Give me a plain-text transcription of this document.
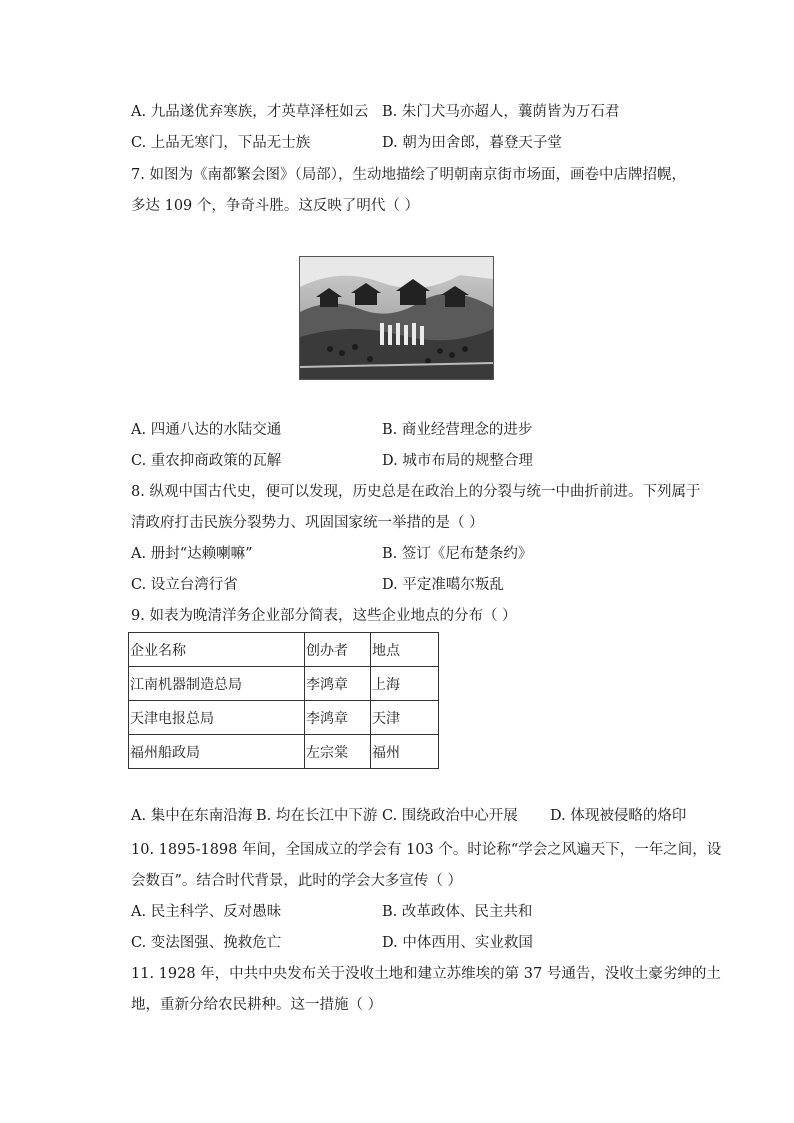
A. 九品遂优弃寒族，才英草泽枉如云 B. 朱门犬马亦超人，蘘荫皆为万石君
C. 上品无寒门，下品无士族	D. 朝为田舍郎，暮登天子堂
7. 如图为《南都繁会图》（局部），生动地描绘了明朝南京街市场面，画卷中店牌招幌，
多达 109 个，争奇斗胜。这反映了明代（ ）
A. 四通八达的水陆交通	B. 商业经营理念的进步
C. 重农抑商政策的瓦解	D. 城市布局的规整合理
8. 纵观中国古代史，便可以发现，历史总是在政治上的分裂与统一中曲折前进。下列属于
清政府打击民族分裂势力、巩固国家统一举措的是（ ）
A. 册封“达赖喇嘛”	B. 签订《尼布楚条约》
C. 设立台湾行省	D. 平定准噶尔叛乱
9. 如表为晚清洋务企业部分简表，这些企业地点的分布（ ）
企业名称	创办者	地点
江南机器制造总局	李鸿章	上海
天津电报总局	李鸿章	天津
福州船政局	左宗棠	福州
A. 集中在东南沿海 B. 均在长江中下游 C. 围绕政治中心开展 D. 体现被侵略的烙印
10. 1895-1898 年间，全国成立的学会有 103 个。时论称“学会之风遍天下，一年之间，设
会数百”。结合时代背景，此时的学会大多宣传（ ）
A. 民主科学、反对愚昧	B. 改革政体、民主共和
C. 变法图强、挽救危亡	D. 中体西用、实业救国
11. 1928 年，中共中央发布关于没收土地和建立苏维埃的第 37 号通告，没收土豪劣绅的土
地，重新分给农民耕种。这一措施（ ）
